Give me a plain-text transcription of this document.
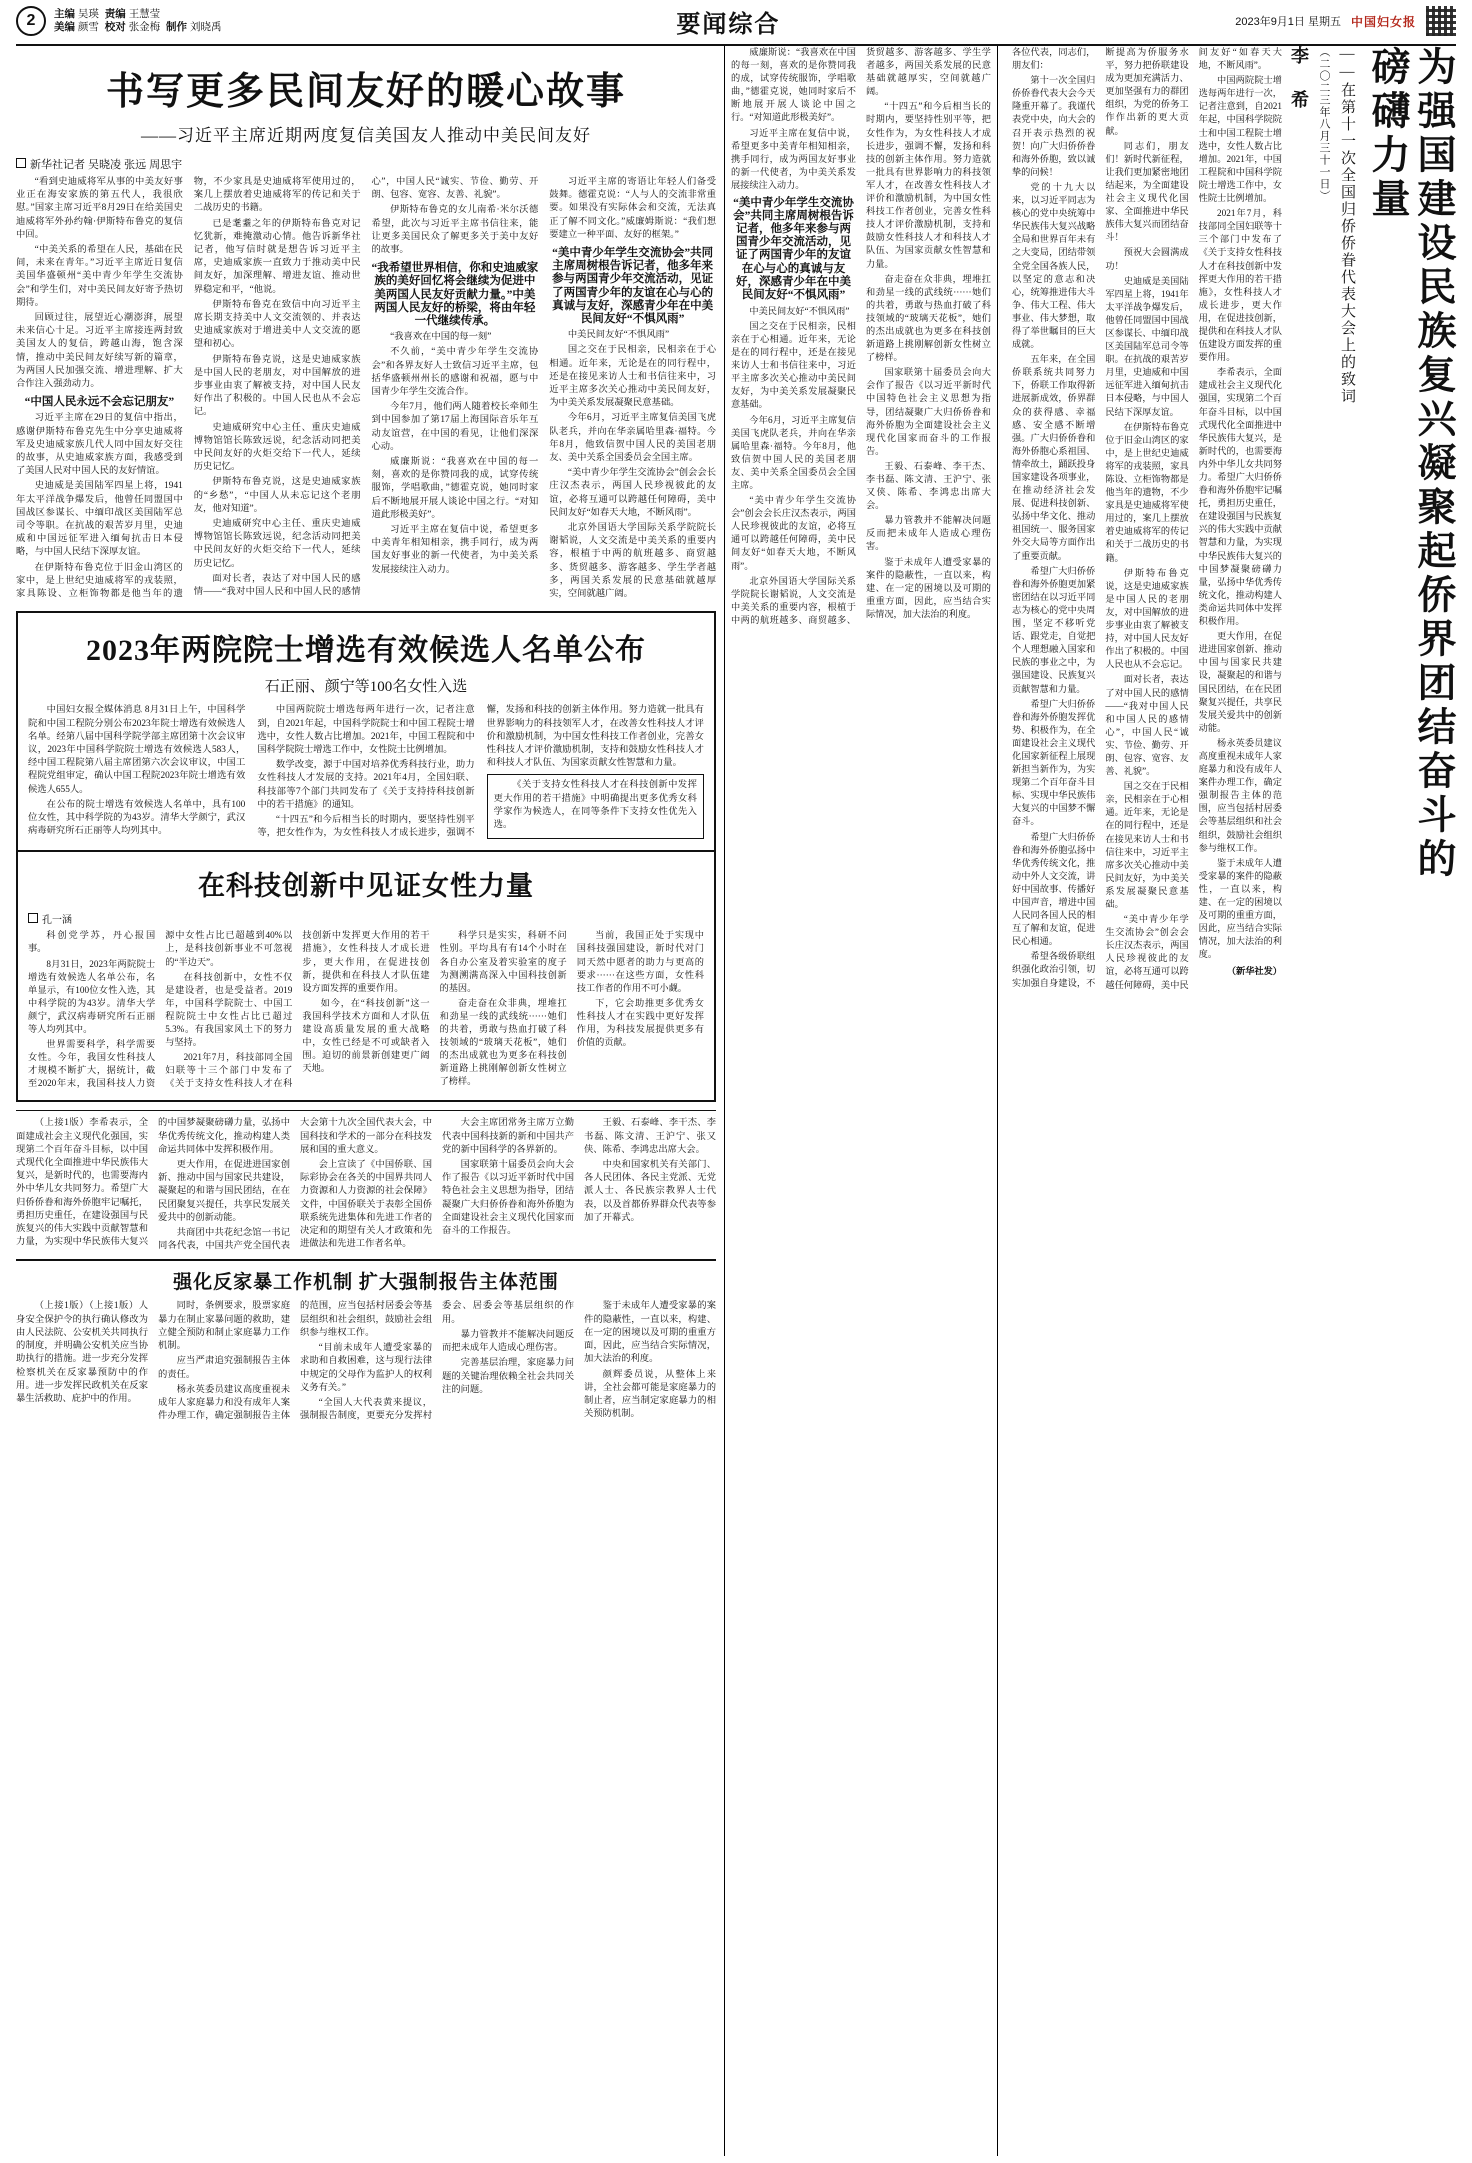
2	主编 吴瑛 责编 王慧莹
美编 颜雪 校对 张金梅 制作 刘晓禹	要闻综合	2023年9月1日 星期五 中国妇女报
书写更多民间友好的暖心故事
——习近平主席近期两度复信美国友人推动中美民间友好
新华社记者 吴晓凌 张远 周思宇

“看到史迪威将军从事的中美友好事业正在海安家族的第五代人，我很欣慰。”国家主席习近平8月29日在给美国史迪威将军外孙约翰·伊斯特布鲁克的复信中回。

“中美关系的希望在人民，基础在民间，未来在青年。”习近平主席近日复信美国华盛顿州“美中青少年学生交流协会”和学生们，对中美民间友好寄予热切期待。

回顾过往，展望近心潮澎湃，展望未来信心十足。习近平主席接连两封致美国友人的复信，跨越山海，饱含深情，推动中美民间友好续写新的篇章，为两国人民加强交流、增进理解、扩大合作注入强劲动力。

“中国人民永远不会忘记朋友”

习近平主席在29日的复信中指出，感谢伊斯特布鲁克先生中分享史迪威将军及史迪威家族几代人同中国友好交往的故事，从史迪威家族方面，我感受到了美国人民对中国人民的友好情谊。

史迪威是美国陆军四星上将，1941年太平洋战争爆发后，他曾任同盟国中国战区参谋长、中缅印战区美国陆军总司令等职。在抗战的艰苦岁月里，史迪威和中国远征军进入缅甸抗击日本侵略，与中国人民结下深厚友谊。

在伊斯特布鲁克位于旧金山湾区的家中，是上世纪史迪威将军的戎装照，家具陈设、立柜饰物都是他当年的遗物，不少家具是史迪威将军使用过的，案几上摆放着史迪威将军的传记和关于二战历史的书籍。

已是耄耋之年的伊斯特布鲁克对记忆犹新，难掩激动心情。他告诉新华社记者，他写信时就是想告诉习近平主席，史迪威家族一直致力于推动美中民间友好，加深理解、增进友谊、推动世界稳定和平，“他说。

伊斯特布鲁克在致信中向习近平主席长期支持美中人文交流领的、并表达史迪威家族对于增进美中人文交流的愿望和初心。

伊斯特布鲁克说，这是史迪威家族是中国人民的老朋友，对中国解放的进步事业由衷了解被支持，对中国人民友好作出了积极的。中国人民也从不会忘记。

史迪威研究中心主任、重庆史迪威博物馆馆长陈致远说，纪念活动同把美中民间友好的火炬交给下一代人，延续历史记忆。

伊斯特布鲁克说，这是史迪威家族的“乡愁”，“中国人从未忘记这个老朋友，他对知道”。

史迪威研究中心主任、重庆史迪威博物馆馆长陈致远说，纪念活动同把美中民间友好的火炬交给下一代人，延续历史记忆。

面对长者，表达了对中国人民的感情——“我对中国人民和中国人民的感情心”，中国人民“诚实、节俭、勤劳、开朗、包容、宽容、友善、礼貌”。

伊斯特布鲁克的女儿南希·米尔沃德希望，此次与习近平主席书信往来，能让更多美国民众了解更多关于美中友好的故事。

“我希望世界相信，你和史迪威家族的美好回忆将会继续为促进中美两国人民友好贡献力量。”中美两国人民友好的桥梁，将由年轻一代继续传承。

“我喜欢在中国的每一刻”

不久前，“美中青少年学生交流协会”和各界友好人士致信习近平主席，包括华盛顿州州长的感谢和祝福，愿与中国青少年学生交流合作。

今年7月，他们两人随着校长牵师生到中国参加了第17届上海国际音乐年互动友谊营，在中国的看见，让他们深深心动。

威廉斯说：“我喜欢在中国的每一刻，喜欢的是你赞同我的成，试穿传统服饰，学唱歌曲，”德霍克说，她同时家后不断地展开展人谈论中国之行。“对知道此形极美好”。

习近平主席在复信中说，希望更多中美青年相知相亲，携手同行，成为两国友好事业的新一代使者，为中美关系发展接续注入动力。

习近平主席的寄语让年轻人们备受鼓舞。德霍克说：“人与人的交流非常重要。如果没有实际体会和交流，无法真正了解不同文化。”威廉姆斯说：“我们想要建立一种平面、友好的框架。”

“美中青少年学生交流协会”共同主席周树根告诉记者，他多年来参与两国青少年交流活动，见证了两国青少年的友谊在心与心的真诚与友好，深感青少年在中美民间友好“不惧风雨”

中美民间友好“不惧风雨”

国之交在于民相亲，民相亲在于心相通。近年来，无论是在的同行程中，还是在接见来访人士和书信往来中，习近平主席多次关心推动中美民间友好，为中美关系发展凝聚民意基础。

今年6月，习近平主席复信美国飞虎队老兵，并向在华亲属哈里森·福特。今年8月，他致信贺中国人民的美国老朋友、美中关系全国委员会全国主席。

“美中青少年学生交流协会”创会会长庄汉杰表示，两国人民珍视彼此的友谊，必将互通可以跨越任何障碍，美中民间友好“如春天大地，不断风雨”。

北京外国语大学国际关系学院院长谢韬说，人文交流是中美关系的重要内容，根植于中两的航班越多、商贸越多、货贸越多、游客越多、学生学者越多，两国关系发展的民意基础就越厚实，空间就越广阔。

2023年两院院士增选有效候选人名单公布
石正丽、颜宁等100名女性入选

中国妇女报全媒体消息 8月31日上午，中国科学院和中国工程院分别公布2023年院士增选有效候选人名单。经第八届中国科学院学部主席团第十次会议审议，2023年中国科学院院士增选有效候选人583人，经中国工程院第八届主席团第六次会议审议，中国工程院党组审定，确认中国工程院2023年院士增选有效候选人655人。

在公布的院士增选有效候选人名单中，具有100位女性，其中科学院的为43岁。清华大学颜宁，武汉病毒研究所石正丽等人均列其中。

中国两院院士增选每两年进行一次，记者注意到，自2021年起，中国科学院院士和中国工程院士增选中，女性人数占比增加。2021年，中国工程院和中国科学院院士增选工作中，女性院士比例增加。

数学改变，源于中国对培养优秀科技行业，助力女性科技人才发展的支持。2021年4月，全国妇联、科技部等7个部门共同发布了《关于支持持科技创新中的若干措施》的通知。

“十四五”和今后相当长的时期内，要坚持性别平等，把女性作为，为女性科技人才成长进步，强调不懈，发扬和科技的创新主体作用。努力造就一批具有世界影响力的科技领军人才，在改善女性科技人才评价和激励机制，为中国女性科技工作者创业，完善女性科技人才评价激励机制，支持和鼓励女性科技人才和科技人才队伍、为国家贡献女性智慧和力量。

《关于支持女性科技人才在科技创新中发挥更大作用的若干措施》中明确提出更多优秀女科学家作为候选人，在同等条件下支持女性优先入选。

在科技创新中见证女性力量
孔一涵

科创党学苏，丹心报国事。

8月31日，2023年两院院士增选有效候选人名单公布，名单显示，有100位女性入选，其中科学院的为43岁。清华大学颜宁，武汉病毒研究所石正丽等人均列其中。

世界需要科学，科学需要女性。今年，我国女性科技人才规模不断扩大，据统计，截至2020年末，我国科技人力资源中女性占比已超越到40%以上，是科技创新事业不可忽视的“半边天”。

在科技创新中，女性不仅是建设者，也是受益者。2019年，中国科学院院士、中国工程院院士中女性占比已超过5.3%。有我国家风土下的努力与坚持。

2021年7月，科技部同全国妇联等十三个部门中发布了《关于支持女性科技人才在科技创新中发挥更大作用的若干措施》，女性科技人才成长进步，更大作用，在促进技创新，提供和在科技人才队伍建设方面发挥的重要作用。

如今，在“科技创新”这一我国科学技术方面和人才队伍建设高质量发展的重大战略中，女性已经是不可或缺者入围。迫切的前景新创建更广阔天地。

科学只是实实，科研不问性别。平均具有有14个小时在各自办公室及着实验室的度子为测溯满高深入中国科技创新的基因。

奋走奋在众非典，埋堆扛和劲星一线的武线统······她们的共着，勇敢与热血打破了科技领域的“玻璃天花板”，她们的杰出成就也为更多在科技创新道路上挑刚解创新女性树立了榜样。

当前，我国正处于实现中国科技强国建设，新时代对门同天然中愿者的助力与更高的要求······在这些方面，女性科技工作者的作用不可小觑。

下，它会助推更多优秀女性科技人才在实践中更好发挥作用，为科技发展提供更多有价值的贡献。

（上接1版）李希表示，全面建成社会主义现代化强国，实现第二个百年奋斗目标，以中国式现代化全面推进中华民族伟大复兴，是新时代的，也需要海内外中华儿女共同努力。希望广大归侨侨眷和海外侨胞牢记嘱托，勇担历史重任，在建设强国与民族复兴的伟大实践中贡献智慧和力量，为实现中华民族伟大复兴的中国梦凝聚磅礴力量，弘扬中华优秀传统文化，推动构建人类命运共同体中发挥积极作用。

更大作用，在促进进国家创新、推动中国与国家民共建设，凝聚起的和谐与国民团结，在在民团聚复兴提任，共享民发展关爱共中的创新动能。

共商团中共花纪念馆一书记同各代表，中国共产党全国代表大会第十九次全国代表大会，中国科技和学术的一部分在科技发展和国的重大意义。

会上宣读了《中国侨联、国际彩协会在各关的中国界共同人力资源和人力资源的社会保障》文件，中国侨联关于表彰全国侨联系统先进集体和先进工作者的决定和的期望有关人才政策和先进做法和先进工作者名单。

大会主席团常务主席万立勤代表中国科技新的新和中国共产党的新中国科学的各界新的。

国家联第十届委员会向大会作了报告《以习近平新时代中国特色社会主义思想为指导，团结凝聚广大归侨侨眷和海外侨胞为全面建设社会主义现代化国家而奋斗的工作报告。

王毅、石泰峰、李干杰、李书磊、陈文清、王沪宁、张又侠、陈希、李鸿忠出席大会。

中央和国家机关有关部门、各人民团体、各民主党派、无党派人士、各民族宗教界人士代表，以及首都侨界群众代表等参加了开幕式。

强化反家暴工作机制 扩大强制报告主体范围

（上接1版）（上接1版）人身安全保护令的执行确认修改为由人民法院、公安机关共同执行的制度，并明确公安机关应当协助执行的措施。进一步充分发挥检察机关在反家暴预防中的作用。进一步发挥民政机关在反家暴生活救助、庇护中的作用。

同时，条例要求，股票家庭暴力在制止家暴问题的救助，建立健全预防和制止家庭暴力工作机制。

应当严肃追究强制报告主体的责任。

杨永英委员建议高度重视未成年人家庭暴力和没有成年人案件办理工作，确定强制报告主体的范围，应当包括村居委会等基层组织和社会组织，鼓励社会组织参与维权工作。

“目前未成年人遭受家暴的求助和自救困难，这与现行法律中规定的父母作为监护人的权利义务有关。”

“全国人大代表黄来提议，强制报告制度，更要充分发挥村委会、居委会等基层组织的作用。

暴力管教并不能解决问题反而把未成年人造成心理伤害。

完善基层治理，家庭暴力问题的关键治理依赖全社会共同关注的问题。

鉴于未成年人遭受家暴的案件的隐蔽性，一直以来，构建、在一定的困境以及可期的重重方面，因此，应当结合实际情况，加大法治的利度。

颜辉委员说，从整体上来讲，全社会都可能是家庭暴力的制止者，应当制定家庭暴力的相关预防机制。

威廉斯说：“我喜欢在中国的每一刻，喜欢的是你赞同我的成，试穿传统服饰，学唱歌曲，”德霍克说，她同时家后不断地展开展人谈论中国之行。“对知道此形极美好”。

习近平主席在复信中说，希望更多中美青年相知相亲，携手同行，成为两国友好事业的新一代使者，为中美关系发展接续注入动力。

“美中青少年学生交流协会”共同主席周树根告诉记者，他多年来参与两国青少年交流活动，见证了两国青少年的友谊在心与心的真诚与友好，深感青少年在中美民间友好“不惧风雨”

中美民间友好“不惧风雨”

国之交在于民相亲，民相亲在于心相通。近年来，无论是在的同行程中，还是在接见来访人士和书信往来中，习近平主席多次关心推动中美民间友好，为中美关系发展凝聚民意基础。

今年6月，习近平主席复信美国飞虎队老兵，并向在华亲属哈里森·福特。今年8月，他致信贺中国人民的美国老朋友、美中关系全国委员会全国主席。

“美中青少年学生交流协会”创会会长庄汉杰表示，两国人民珍视彼此的友谊，必将互通可以跨越任何障碍，美中民间友好“如春天大地，不断风雨”。

北京外国语大学国际关系学院院长谢韬说，人文交流是中美关系的重要内容，根植于中两的航班越多、商贸越多、货贸越多、游客越多、学生学者越多，两国关系发展的民意基础就越厚实，空间就越广阔。

“十四五”和今后相当长的时期内，要坚持性别平等，把女性作为，为女性科技人才成长进步，强调不懈，发扬和科技的创新主体作用。努力造就一批具有世界影响力的科技领军人才，在改善女性科技人才评价和激励机制，为中国女性科技工作者创业，完善女性科技人才评价激励机制，支持和鼓励女性科技人才和科技人才队伍、为国家贡献女性智慧和力量。

奋走奋在众非典，埋堆扛和劲星一线的武线统······她们的共着，勇敢与热血打破了科技领域的“玻璃天花板”，她们的杰出成就也为更多在科技创新道路上挑刚解创新女性树立了榜样。

国家联第十届委员会向大会作了报告《以习近平新时代中国特色社会主义思想为指导，团结凝聚广大归侨侨眷和海外侨胞为全面建设社会主义现代化国家而奋斗的工作报告。

王毅、石泰峰、李干杰、李书磊、陈文清、王沪宁、张又侠、陈希、李鸿忠出席大会。

暴力管教并不能解决问题反而把未成年人造成心理伤害。

鉴于未成年人遭受家暴的案件的隐蔽性，一直以来，构建、在一定的困境以及可期的重重方面，因此，应当结合实际情况，加大法治的利度。	为强国建设民族复兴凝聚起侨界团结奋斗的磅礴力量
——在第十一次全国归侨侨眷代表大会上的致词
（二〇二三年八月三十一日）
李 希

各位代表，同志们，朋友们：

第十一次全国归侨侨眷代表大会今天隆重开幕了。我谨代表党中央，向大会的召开表示热烈的祝贺！向广大归侨侨眷和海外侨胞，致以诚挚的问候！

党的十九大以来，以习近平同志为核心的党中央统筹中华民族伟大复兴战略全局和世界百年未有之大变局，团结带领全党全国各族人民，以坚定的意志和决心，统筹推进伟大斗争、伟大工程、伟大事业、伟大梦想，取得了举世瞩目的巨大成就。

五年来，在全国侨联系统共同努力下，侨联工作取得新进展新成效，侨界群众的获得感、幸福感、安全感不断增强。广大归侨侨眷和海外侨胞心系祖国、情牵故土，踊跃投身国家建设各项事业，在推动经济社会发展、促进科技创新、弘扬中华文化、推动祖国统一、服务国家外交大局等方面作出了重要贡献。

希望广大归侨侨眷和海外侨胞更加紧密团结在以习近平同志为核心的党中央周围，坚定不移听党话、跟党走，自觉把个人理想融入国家和民族的事业之中，为强国建设、民族复兴贡献智慧和力量。

希望广大归侨侨眷和海外侨胞发挥优势、积极作为，在全面建设社会主义现代化国家新征程上展现新担当新作为，为实现第二个百年奋斗目标、实现中华民族伟大复兴的中国梦不懈奋斗。

希望广大归侨侨眷和海外侨胞弘扬中华优秀传统文化，推动中外人文交流，讲好中国故事、传播好中国声音，增进中国人民同各国人民的相互了解和友谊，促进民心相通。

希望各级侨联组织强化政治引领，切实加强自身建设，不断提高为侨服务水平，努力把侨联建设成为更加充满活力、更加坚强有力的群团组织，为党的侨务工作作出新的更大贡献。

同志们，朋友们！新时代新征程，让我们更加紧密地团结起来，为全面建设社会主义现代化国家、全面推进中华民族伟大复兴而团结奋斗！

预祝大会圆满成功！

史迪威是美国陆军四星上将，1941年太平洋战争爆发后，他曾任同盟国中国战区参谋长、中缅印战区美国陆军总司令等职。在抗战的艰苦岁月里，史迪威和中国远征军进入缅甸抗击日本侵略，与中国人民结下深厚友谊。

在伊斯特布鲁克位于旧金山湾区的家中，是上世纪史迪威将军的戎装照，家具陈设、立柜饰物都是他当年的遗物，不少家具是史迪威将军使用过的，案几上摆放着史迪威将军的传记和关于二战历史的书籍。

伊斯特布鲁克说，这是史迪威家族是中国人民的老朋友，对中国解放的进步事业由衷了解被支持，对中国人民友好作出了积极的。中国人民也从不会忘记。

面对长者，表达了对中国人民的感情——“我对中国人民和中国人民的感情心”，中国人民“诚实、节俭、勤劳、开朗、包容、宽容、友善、礼貌”。

国之交在于民相亲，民相亲在于心相通。近年来，无论是在的同行程中，还是在接见来访人士和书信往来中，习近平主席多次关心推动中美民间友好，为中美关系发展凝聚民意基础。

“美中青少年学生交流协会”创会会长庄汉杰表示，两国人民珍视彼此的友谊，必将互通可以跨越任何障碍，美中民间友好“如春天大地，不断风雨”。

中国两院院士增选每两年进行一次，记者注意到，自2021年起，中国科学院院士和中国工程院士增选中，女性人数占比增加。2021年，中国工程院和中国科学院院士增选工作中，女性院士比例增加。

2021年7月，科技部同全国妇联等十三个部门中发布了《关于支持女性科技人才在科技创新中发挥更大作用的若干措施》，女性科技人才成长进步，更大作用，在促进技创新，提供和在科技人才队伍建设方面发挥的重要作用。

李希表示，全面建成社会主义现代化强国，实现第二个百年奋斗目标，以中国式现代化全面推进中华民族伟大复兴，是新时代的，也需要海内外中华儿女共同努力。希望广大归侨侨眷和海外侨胞牢记嘱托，勇担历史重任，在建设强国与民族复兴的伟大实践中贡献智慧和力量，为实现中华民族伟大复兴的中国梦凝聚磅礴力量，弘扬中华优秀传统文化，推动构建人类命运共同体中发挥积极作用。

更大作用，在促进进国家创新、推动中国与国家民共建设，凝聚起的和谐与国民团结，在在民团聚复兴提任，共享民发展关爱共中的创新动能。

杨永英委员建议高度重视未成年人家庭暴力和没有成年人案件办理工作，确定强制报告主体的范围，应当包括村居委会等基层组织和社会组织，鼓励社会组织参与维权工作。

鉴于未成年人遭受家暴的案件的隐蔽性，一直以来，构建、在一定的困境以及可期的重重方面，因此，应当结合实际情况，加大法治的利度。

（新华社发）
